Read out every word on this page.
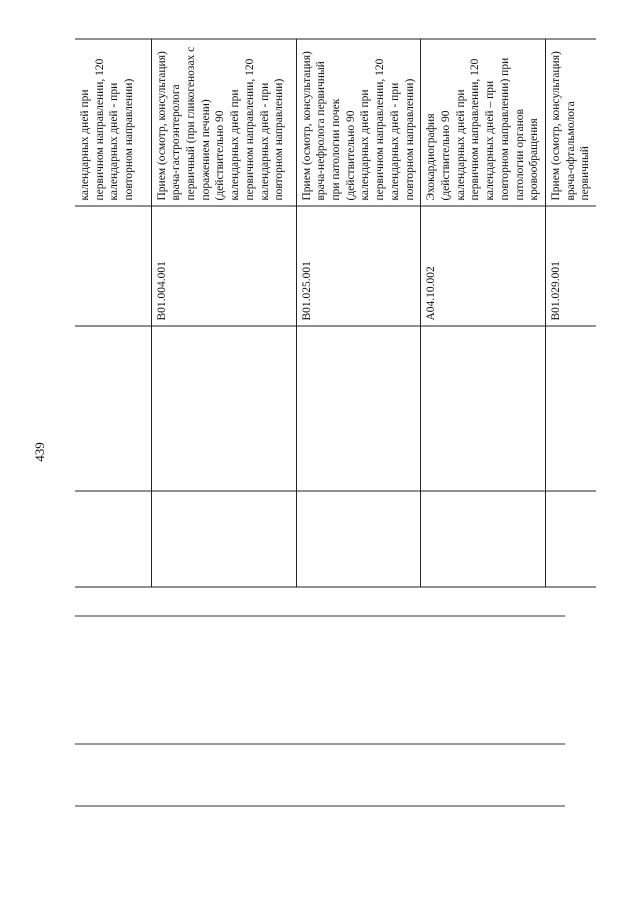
439
			календарных дней при первичном направлении, 120 календарных дней - при повторном направлении)
		B01.004.001	Прием (осмотр, консультация) врача-гастроэнтеролога первичный (при гликогенозах с поражением печени) (действительно 90 календарных дней при первичном направлении, 120 календарных дней - при повторном направлении)
		B01.025.001	Прием (осмотр, консультация) врача-нефролога первичный при патологии почек (действительно 90 календарных дней при первичном направлении, 120 календарных дней - при повторном направлении)
		A04.10.002	Эхокардиография (действительно 90 календарных дней при первичном направлении, 120 календарных дней – при повторном направлении) при патологии органов кровообращения
		B01.029.001	Прием (осмотр, консультация) врача-офтальмолога первичный
